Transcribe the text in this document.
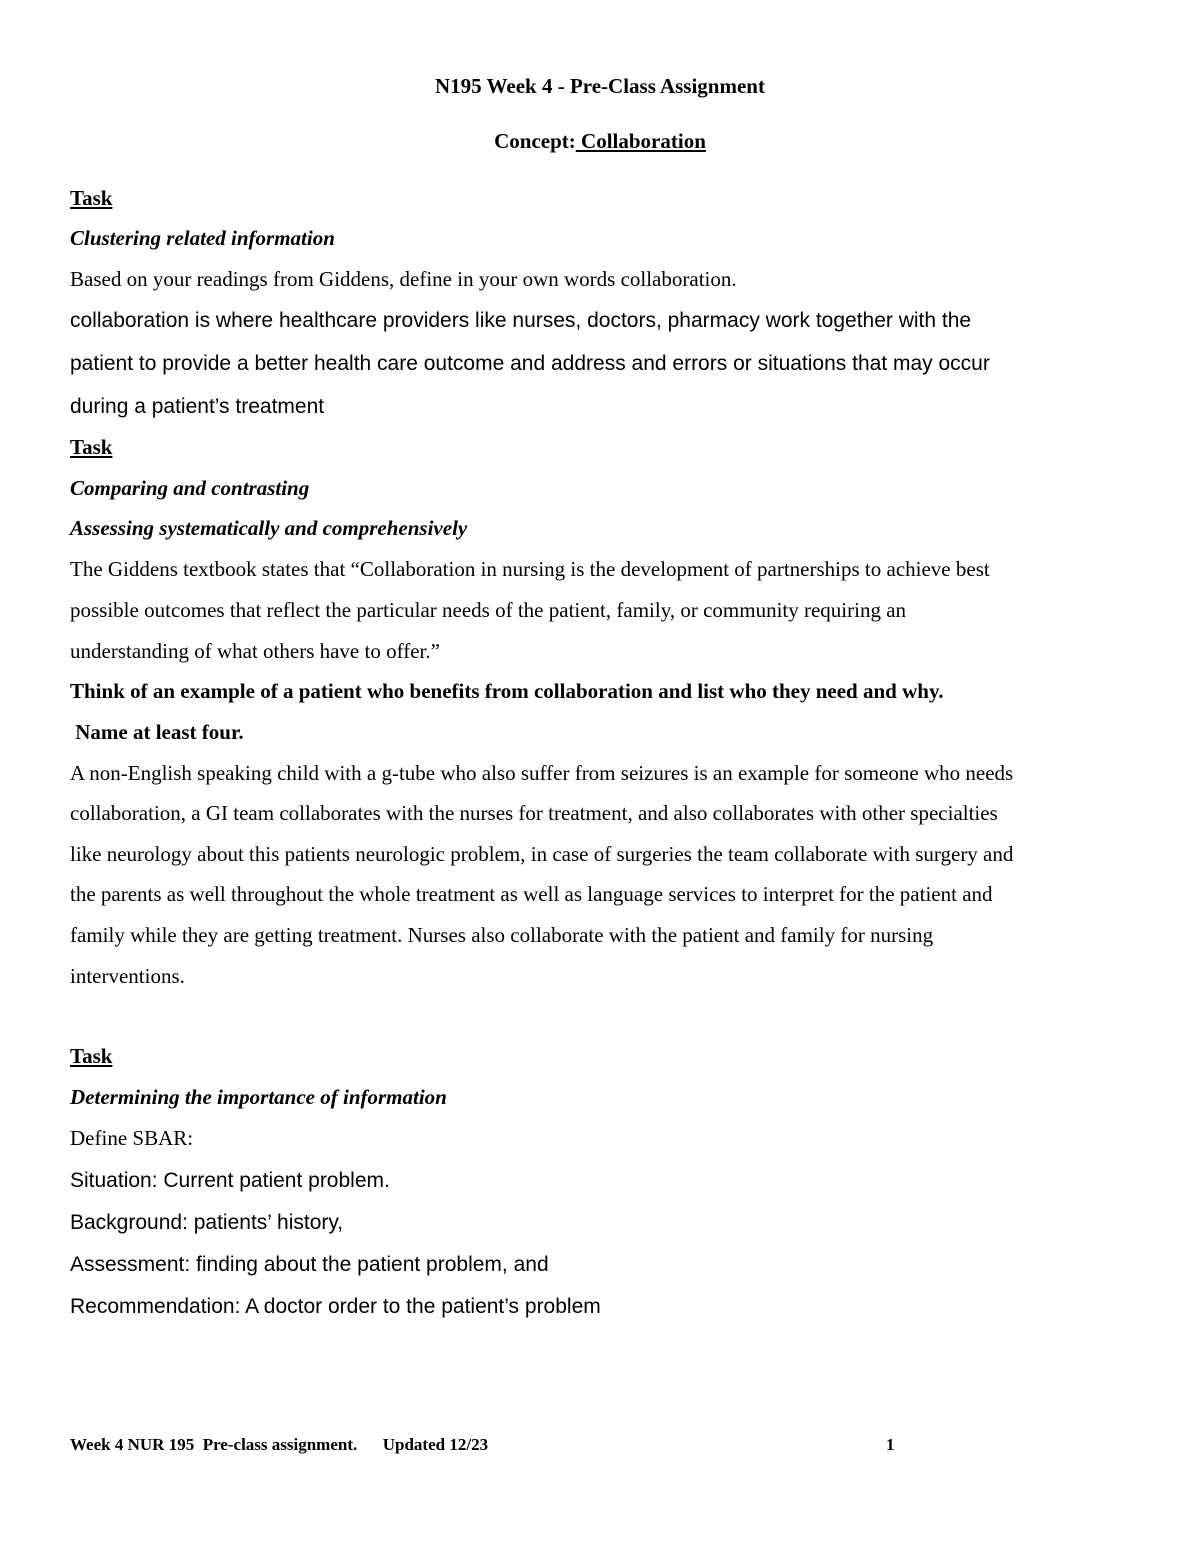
N195 Week 4 - Pre-Class Assignment
Concept: Collaboration
Task
Clustering related information
Based on your readings from Giddens, define in your own words collaboration.
collaboration is where healthcare providers like nurses, doctors, pharmacy work together with the
patient to provide a better health care outcome and address and errors or situations that may occur
during a patient’s treatment
Task
Comparing and contrasting
Assessing systematically and comprehensively
The Giddens textbook states that “Collaboration in nursing is the development of partnerships to achieve best
possible outcomes that reflect the particular needs of the patient, family, or community requiring an
understanding of what others have to offer.”
Think of an example of a patient who benefits from collaboration and list who they need and why.
Name at least four.
A non-English speaking child with a g-tube who also suffer from seizures is an example for someone who needs
collaboration, a GI team collaborates with the nurses for treatment, and also collaborates with other specialties
like neurology about this patients neurologic problem, in case of surgeries the team collaborate with surgery and
the parents as well throughout the whole treatment as well as language services to interpret for the patient and
family while they are getting treatment. Nurses also collaborate with the patient and family for nursing
interventions.
Task
Determining the importance of information
Define SBAR:
Situation: Current patient problem.
Background: patients’ history,
Assessment: finding about the patient problem, and
Recommendation: A doctor order to the patient’s problem
Week 4 NUR 195  Pre-class assignment.      Updated 12/23	1
